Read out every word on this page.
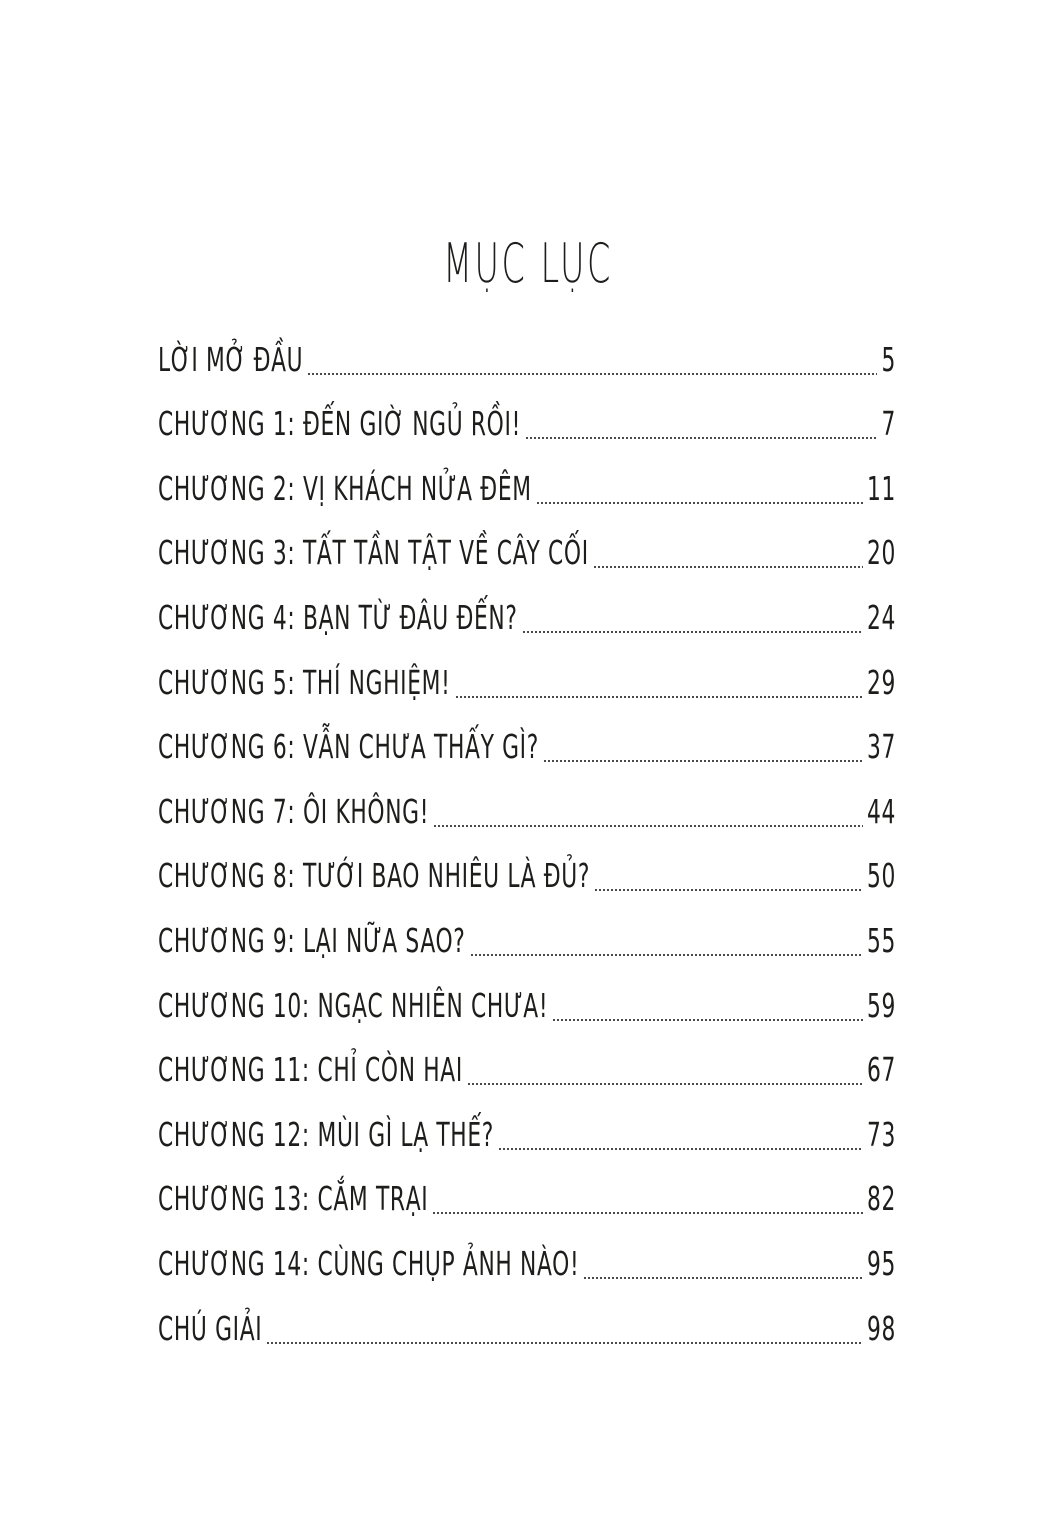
MỤC LỤC
LỜI MỞ ĐẦU	5
CHƯƠNG 1: ĐẾN GIỜ NGỦ RỒI!	7
CHƯƠNG 2: VỊ KHÁCH NỬA ĐÊM	11
CHƯƠNG 3: TẤT TẦN TẬT VỀ CÂY CỐI	20
CHƯƠNG 4: BẠN TỪ ĐÂU ĐẾN?	24
CHƯƠNG 5: THÍ NGHIỆM!	29
CHƯƠNG 6: VẪN CHƯA THẤY GÌ?	37
CHƯƠNG 7: ÔI KHÔNG!	44
CHƯƠNG 8: TƯỚI BAO NHIÊU LÀ ĐỦ?	50
CHƯƠNG 9: LẠI NỮA SAO?	55
CHƯƠNG 10: NGẠC NHIÊN CHƯA!	59
CHƯƠNG 11: CHỈ CÒN HAI	67
CHƯƠNG 12: MÙI GÌ LẠ THẾ?	73
CHƯƠNG 13: CẮM TRẠI	82
CHƯƠNG 14: CÙNG CHỤP ẢNH NÀO!	95
CHÚ GIẢI	98
